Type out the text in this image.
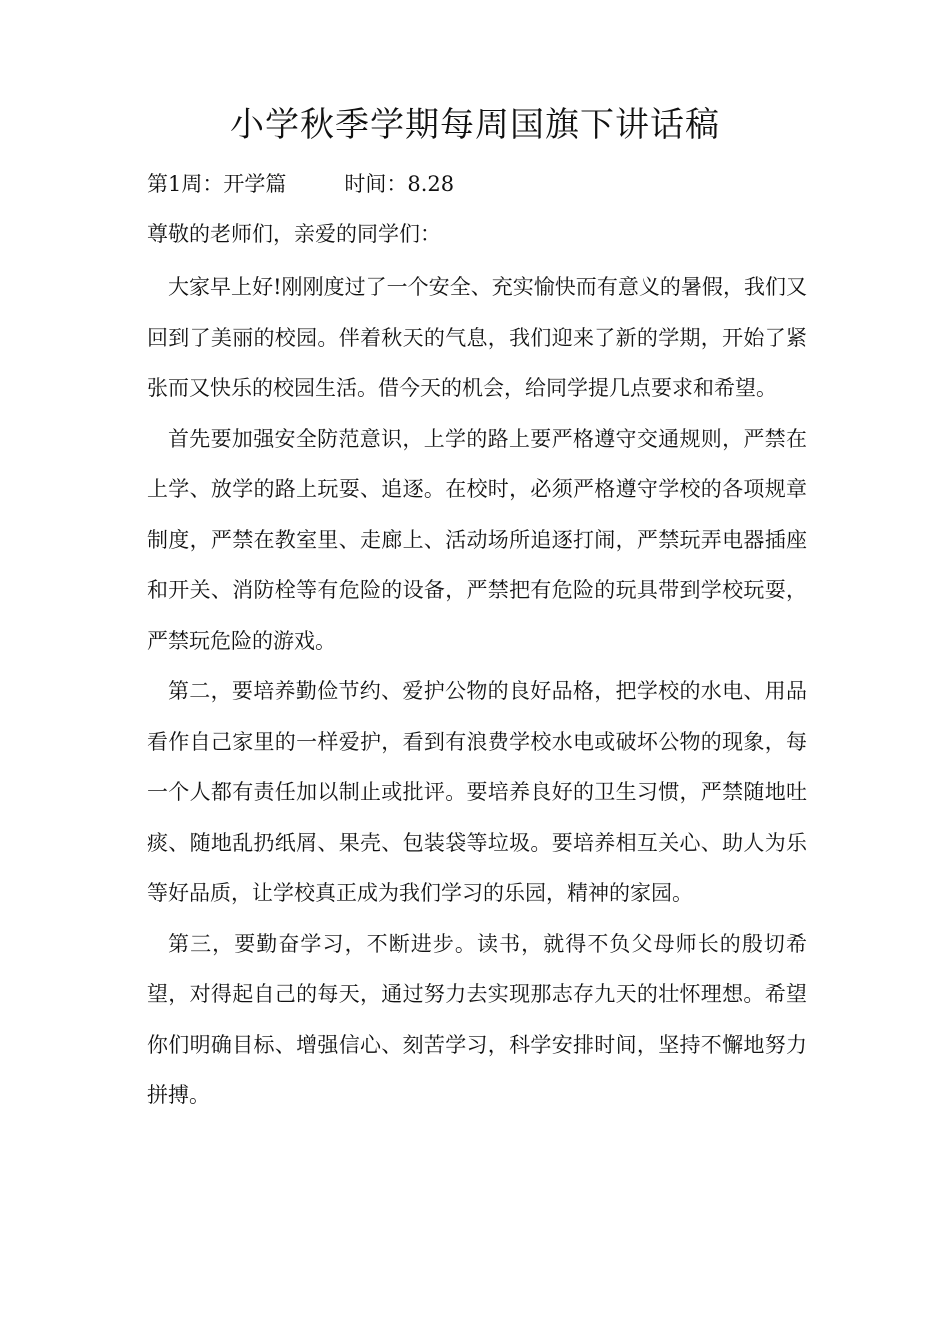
小学秋季学期每周国旗下讲话稿
第1周：开学篇	时间：8.28
尊敬的老师们，亲爱的同学们：

大家早上好!刚刚度过了一个安全、充实愉快而有意义的暑假，我们又回到了美丽的校园。伴着秋天的气息，我们迎来了新的学期，开始了紧张而又快乐的校园生活。借今天的机会，给同学提几点要求和希望。

首先要加强安全防范意识，上学的路上要严格遵守交通规则，严禁在上学、放学的路上玩耍、追逐。在校时，必须严格遵守学校的各项规章制度，严禁在教室里、走廊上、活动场所追逐打闹，严禁玩弄电器插座和开关、消防栓等有危险的设备，严禁把有危险的玩具带到学校玩耍，严禁玩危险的游戏。

第二，要培养勤俭节约、爱护公物的良好品格，把学校的水电、用品看作自己家里的一样爱护，看到有浪费学校水电或破坏公物的现象，每一个人都有责任加以制止或批评。要培养良好的卫生习惯，严禁随地吐痰、随地乱扔纸屑、果壳、包装袋等垃圾。要培养相互关心、助人为乐等好品质，让学校真正成为我们学习的乐园，精神的家园。

第三，要勤奋学习，不断进步。读书，就得不负父母师长的殷切希望，对得起自己的每天，通过努力去实现那志存九天的壮怀理想。希望你们明确目标、增强信心、刻苦学习，科学安排时间，坚持不懈地努力拼搏。
